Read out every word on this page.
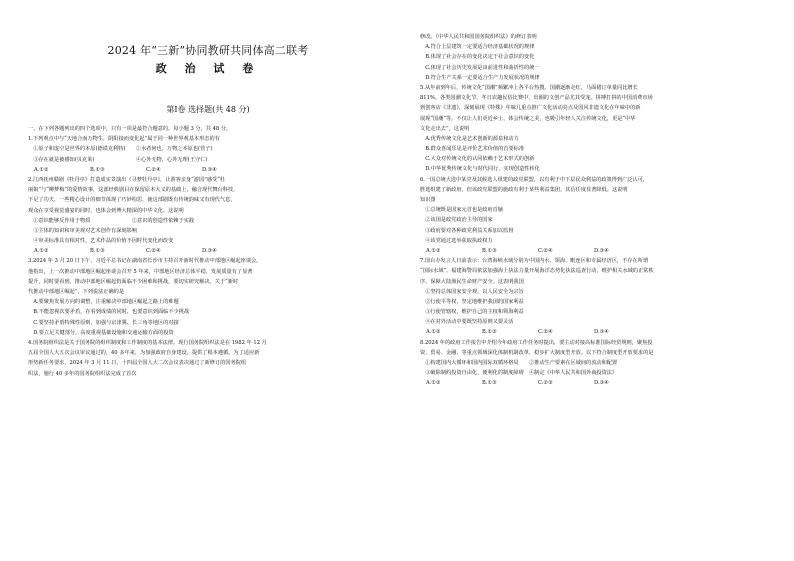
2024 年“三新”协同教研共同体高二联考
政 治 试 卷
第Ⅰ卷 选择题(共 48 分)
一、在下列各题列出的四个选项中，只有一项是最符合题意的。每小题 3 分，共 48 分。
1.下列观点中与“天地合而万物生，阴阳接而变化起”属于同一种世界观基本形态的有
　①原子和虚空是世界的本原(德谟克利特)　　②水者何也，万物之本原也(管子)
　③存在就是被感知(贝克莱)　　　　　　　　④心外无物，心外无理(王守仁)
A.①②	B.①③	C.②④	D.③④
2.江西抚州赣剧《牡丹亭》打造成实景演出《寻梦牡丹亭》，让游客亲身“游园”感受“杜
丽娘”与“柳梦梅”的爱情故事，这部经典剧目在保留原本大义的基础上，融合现代舞台科技，
下足了功夫，一些精心设计的细节体现了巧妙构思，使这部剧既有传统韵味又有现代气息，
观众在享受视觉盛宴的同时，也体会到博大精深的中华文化。这说明
　①意识能够反作用于物质　　　　　　　　②意识的创造性依赖于实践
　③主体的知识和审美观对艺术创作有深刻影响
　④审美标准具有相对性，艺术作品的价值不因时代变化而改变
A.①②	B.①③	C.②④	D.③④
3.2024 年 3 月 20 日下午，习近平总书记在湖南省长沙市主持召开新时代推动中部地区崛起座谈会。
他指出，上一次推动中部地区崛起座谈会召开 5 年来，中部地区经济总体平稳，发展质量有了显著
提升，同时要看到，推动中部地区崛起仍面临不少困难和挑战，要切实研究解决。关于“新时
代推动中部地区崛起”，下列说法正确的是
　A.要聚焦发展方向的调整，注重解决中部地区崛起之路上的难题
　B.不能忽视次要矛盾，在看到成绩的同时，也要意识到面临不少挑战
　C.要坚持矛盾特殊性原则，加强与京津冀、长三角等地区的对接
　D.要立足关键部分，高度重视基础设施和交通运输方面的投资
4.国务院组织法是关于国务院的组织制度和工作制度的基本法律。现行国务院组织法是在 1982 年 12 月
五届全国人大五次会议审议通过的，40 多年来，为加强政府自身建设，提供了根本遵循。为了适应新
形势新任务要求，2024 年 3 月 11 日，十四届全国人大二次会议表决通过了新修订的国务院组
织法，施行 40 多年的国务院组织法完成了首次
修改。《中华人民共和国国务院组织法》的修订表明
　A.符合上层建筑一定要适合经济基础状况的规律
　B.体现了社会存在的变化决定于社会意识的变化
　C.体现了社会历史发展是由前进性和曲折性的统一
　D.符合生产关系一定要适合生产力发展状况的规律
5.从年前到年后，传统文化“国潮”频繁冲上各平台热搜。国潮逐渐走红，马面裙订单量同比增长
811%。各类国潮文化节、冬日农趣民俗比赛中，出圈的文创产品尤其受宠。拼搏打拼的中国消费市场
到创客店《非遗》，深刻展现《特殊》年味儿重点推广文化活动亮点及国风非遗文化在年味中的新
展现“国潮”等。不仅让人们更近乡土、体会传统之美，也吸引年轻人关注传统文化，更是“中华
文化走出去”，这说明
　A.优秀传统文化是艺术创新的源泉和动力
　B.群众喜闻乐见是评价艺术价值的首要标准
　C.大众对传统文化的认同依赖于艺术形式的创新
　D.中华优秀传统文化与时代同行，实现创造性转化
6.一国总统大选中某党及其候选人组建的政党联盟，以有利于中下层民众利益的政策得到广泛认可，
胜选组建了新政府。但该政党联盟的施政有利于某些利益集团，其信任度显著降低。这说明
知识图
　①总统既是国家元首也是政府首脑
　②该国是政党政治主导的国家
　③政府要对各种政党利益关系加以监督
　④该党通过选举获取执政权力
A.①②	B.①③	C.②④	D.③④
7.国台办发言人日前表示：台湾海峡水域分别为中国内水、领海、毗连区和专属经济区，不存在所谓
“国际水域”。福建海警局依法加强海上执法力量开展海洋态势化执法巡查行动，维护相关水域的正常秩
序，保障大陆渔民生命财产安全。这表明我国
　①坚持总体国家安全观，以人民安全为宗旨
　②行使平等权，坚定地维护我国的国家利益
　③行使管辖权，维护自己的主权和领海利益
　④在对外活动中要既坚持原则又要灵活
A.①②	B.①③	C.②④	D.③④
8.2024 年的政府工作报告中介绍今年政府工作任务时提出，要主动对接高标准国际经贸规则，聚焦投
资、贸易、金融、等重点领域深化体制机制改革，稳步扩大制度型开放。以下符合制度型开放要求的是
　①构建国内大循环和国内国际双循环格局　　②推动生产要素在区域间的流动和配置
　③破除制约投资自由化、便利化的制度障碍　④制定《中华人民共和国外商投资法》
A.①②	B.①③	C.②③	D.③④
